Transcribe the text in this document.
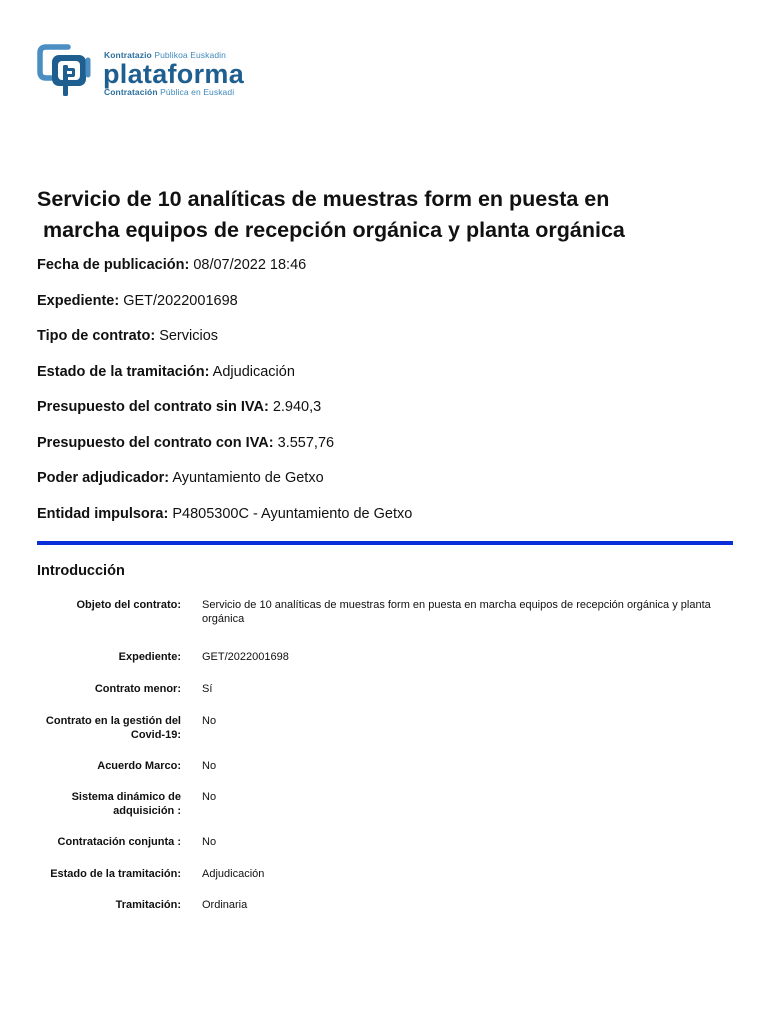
Kontratazio Publikoa Euskadin
plataforma
Contratación Pública en Euskadi
Servicio de 10 analíticas de muestras form en puesta en
marcha equipos de recepción orgánica y planta orgánica
Fecha de publicación: 08/07/2022 18:46
Expediente: GET/2022001698
Tipo de contrato: Servicios
Estado de la tramitación: Adjudicación
Presupuesto del contrato sin IVA: 2.940,3
Presupuesto del contrato con IVA: 3.557,76
Poder adjudicador: Ayuntamiento de Getxo
Entidad impulsora: P4805300C - Ayuntamiento de Getxo
Introducción
Objeto del contrato: Servicio de 10 analíticas de muestras form en puesta en marcha equipos de recepción orgánica y planta orgánica
Expediente: GET/2022001698
Contrato menor: Sí
Contrato en la gestión del Covid-19:
No
Acuerdo Marco: No
Sistema dinámico de adquisición :
No
Contratación conjunta : No
Estado de la tramitación: Adjudicación
Tramitación: Ordinaria
